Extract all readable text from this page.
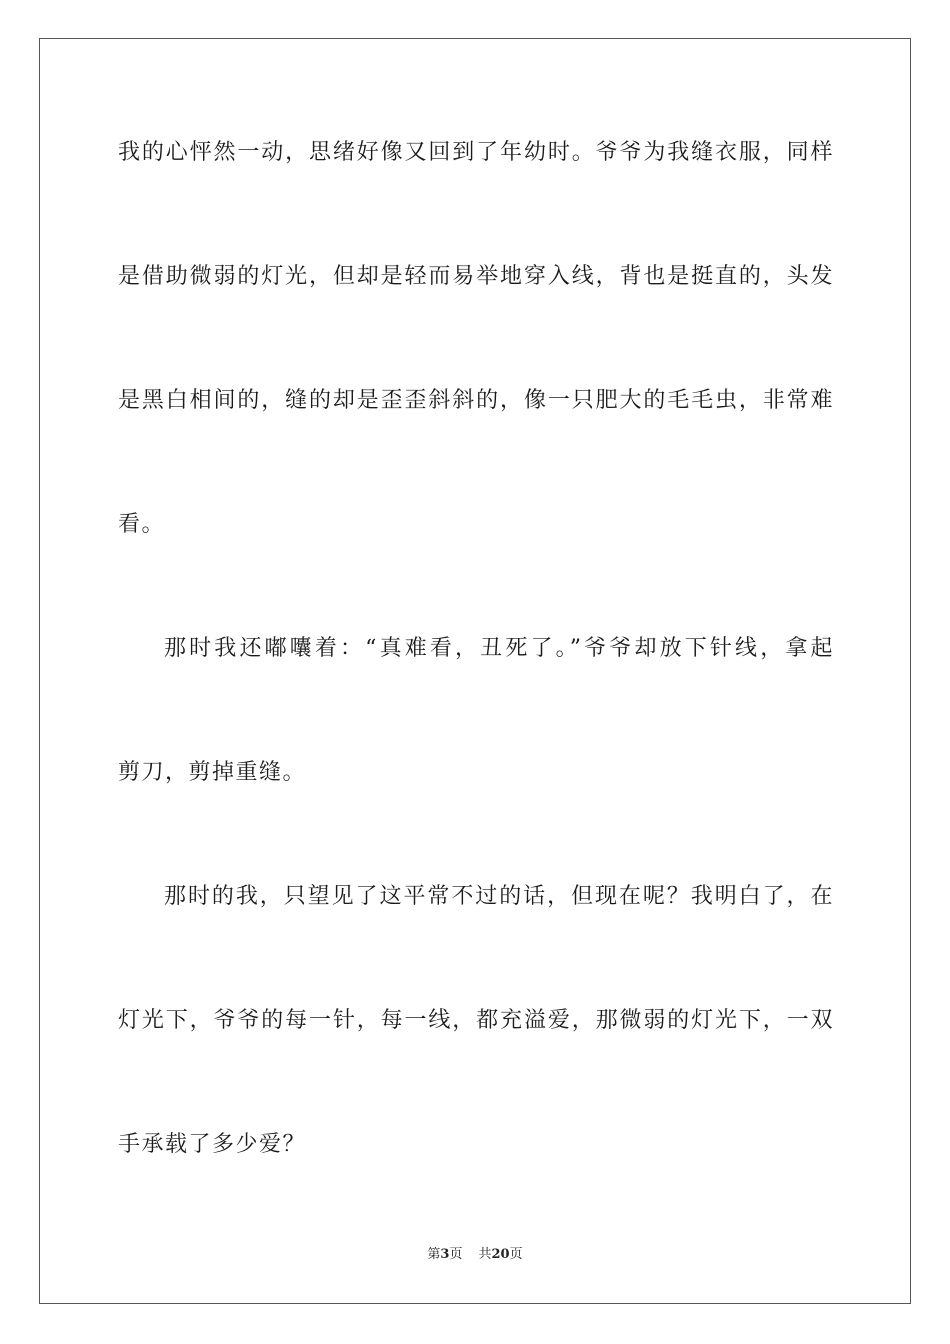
我的心怦然一动，思绪好像又回到了年幼时。爷爷为我缝衣服，同样
是借助微弱的灯光，但却是轻而易举地穿入线，背也是挺直的，头发
是黑白相间的，缝的却是歪歪斜斜的，像一只肥大的毛毛虫，非常难
看。
那时我还嘟囔着：“真难看，丑死了。”爷爷却放下针线，拿起
剪刀，剪掉重缝。
那时的我，只望见了这平常不过的话，但现在呢？我明白了，在
灯光下，爷爷的每一针，每一线，都充溢爱，那微弱的灯光下，一双
手承载了多少爱？
第3页 共20页
